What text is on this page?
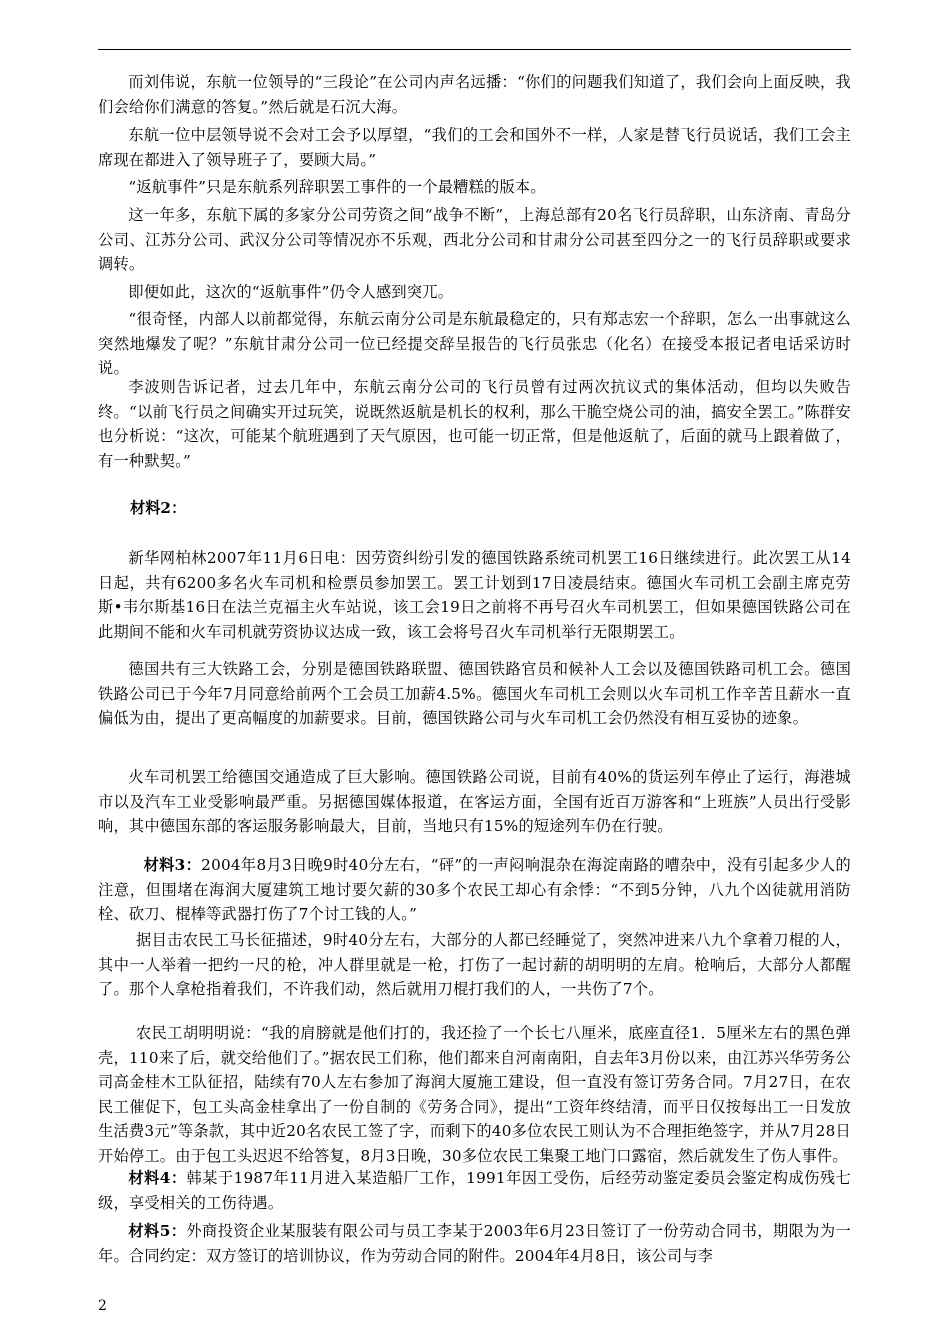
而刘伟说，东航一位领导的“三段论”在公司内声名远播：“你们的问题我们知道了，我们会向上面反映，我们会给你们满意的答复。”然后就是石沉大海。

东航一位中层领导说不会对工会予以厚望，“我们的工会和国外不一样，人家是替飞行员说话，我们工会主席现在都进入了领导班子了，要顾大局。”

“返航事件”只是东航系列辞职罢工事件的一个最糟糕的版本。

这一年多，东航下属的多家分公司劳资之间“战争不断”，上海总部有20名飞行员辞职，山东济南、青岛分公司、江苏分公司、武汉分公司等情况亦不乐观，西北分公司和甘肃分公司甚至四分之一的飞行员辞职或要求调转。

即便如此，这次的“返航事件”仍令人感到突兀。

“很奇怪，内部人以前都觉得，东航云南分公司是东航最稳定的，只有郑志宏一个辞职，怎么一出事就这么突然地爆发了呢？”东航甘肃分公司一位已经提交辞呈报告的飞行员张忠（化名）在接受本报记者电话采访时说。

李波则告诉记者，过去几年中，东航云南分公司的飞行员曾有过两次抗议式的集体活动，但均以失败告终。“以前飞行员之间确实开过玩笑，说既然返航是机长的权利，那么干脆空烧公司的油，搞安全罢工。”陈群安也分析说：“这次，可能某个航班遇到了天气原因，也可能一切正常，但是他返航了，后面的就马上跟着做了，有一种默契。”

材料2：

新华网柏林2007年11月6日电：因劳资纠纷引发的德国铁路系统司机罢工16日继续进行。此次罢工从14日起，共有6200多名火车司机和检票员参加罢工。罢工计划到17日凌晨结束。德国火车司机工会副主席克劳斯•韦尔斯基16日在法兰克福主火车站说，该工会19日之前将不再号召火车司机罢工，但如果德国铁路公司在此期间不能和火车司机就劳资协议达成一致，该工会将号召火车司机举行无限期罢工。

德国共有三大铁路工会，分别是德国铁路联盟、德国铁路官员和候补人工会以及德国铁路司机工会。德国铁路公司已于今年7月同意给前两个工会员工加薪4.5%。德国火车司机工会则以火车司机工作辛苦且薪水一直偏低为由，提出了更高幅度的加薪要求。目前，德国铁路公司与火车司机工会仍然没有相互妥协的迹象。

火车司机罢工给德国交通造成了巨大影响。德国铁路公司说，目前有40%的货运列车停止了运行，海港城市以及汽车工业受影响最严重。另据德国媒体报道，在客运方面，全国有近百万游客和“上班族”人员出行受影响，其中德国东部的客运服务影响最大，目前，当地只有15%的短途列车仍在行驶。

材料3：2004年8月3日晚9时40分左右，“砰”的一声闷响混杂在海淀南路的嘈杂中，没有引起多少人的注意，但围堵在海润大厦建筑工地讨要欠薪的30多个农民工却心有余悸：“不到5分钟，八九个凶徒就用消防栓、砍刀、棍棒等武器打伤了7个讨工钱的人。”

据目击农民工马长征描述，9时40分左右，大部分的人都已经睡觉了，突然冲进来八九个拿着刀棍的人，其中一人举着一把约一尺的枪，冲人群里就是一枪，打伤了一起讨薪的胡明明的左肩。枪响后，大部分人都醒了。那个人拿枪指着我们，不许我们动，然后就用刀棍打我们的人，一共伤了7个。

农民工胡明明说：“我的肩膀就是他们打的，我还捡了一个长七八厘米，底座直径1．5厘米左右的黑色弹壳，110来了后，就交给他们了。”据农民工们称，他们都来自河南南阳，自去年3月份以来，由江苏兴华劳务公司高金桂木工队征招，陆续有70人左右参加了海润大厦施工建设，但一直没有签订劳务合同。7月27日，在农民工催促下，包工头高金桂拿出了一份自制的《劳务合同》，提出“工资年终结清，而平日仅按每出工一日发放生活费3元”等条款，其中近20名农民工签了字，而剩下的40多位农民工则认为不合理拒绝签字，并从7月28日开始停工。由于包工头迟迟不给答复，8月3日晚，30多位农民工集聚工地门口露宿，然后就发生了伤人事件。

材料4：韩某于1987年11月进入某造船厂工作，1991年因工受伤，后经劳动鉴定委员会鉴定构成伤残七级，享受相关的工伤待遇。

材料5：外商投资企业某服装有限公司与员工李某于2003年6月23日签订了一份劳动合同书，期限为为一年。合同约定：双方签订的培训协议，作为劳动合同的附件。2004年4月8日，该公司与李

2
